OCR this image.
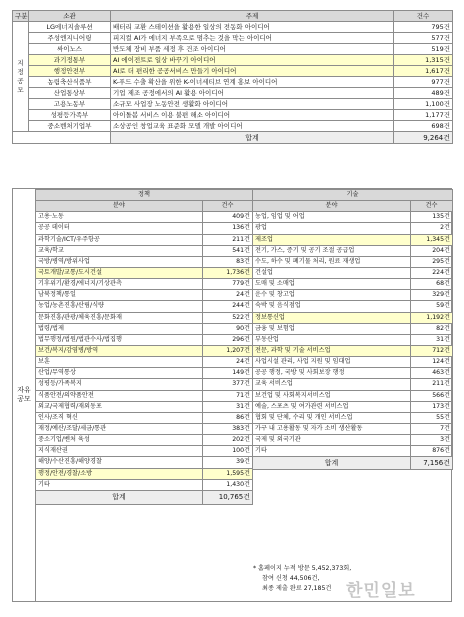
구분	소관	주제	건수
지정
공모	LG에너지솔루션	배터리 교환 스테이션을 활용한 일상의 전동화 아이디어	795건
	주성엔지니어링	피지컬 AI가 에너지 부족으로 멈추는 것을 막는 아이디어	577건
	싸이노스	반도체 장비 부품 세정 후 건조 아이디어	519건
	과기정통부	AI 에이전트로 일상 바꾸기 아이디어	1,315건
	행정안전부	AI로 더 편리한 공공서비스 만들기 아이디어	1,617건
	농림축산식품부	K-푸드 수출 확산을 위한 K-이너세티브 연계 홍보 아이디어	977건
	산업통상부	기업 제조 공정에서의 AI 활용 아이디어	489건
	고용노동부	소규모 사업장 노동안전 생활화 아이디어	1,100건
	성평등가족부	아이돌봄 서비스 이용 불편 해소 아이디어	1,177건
	중소벤처기업부	소상공인 창업교육 표준화 모델 개발 아이디어	698건
		합계	9,264건
자유
공모
정책	
분야	건수
고용·노동	409건
공공 데이터	136건
과학기술/ICT/우주항공	211건
교육/학교	541건
국방/병역/방위사업	83건
국토개발/교통/도시건설	1,736건
기후위기/환경/에너지/기상관측	779건
남북정책/통일	24건
농업/농촌진흥/산림/식량	244건
문화진흥/관광/체육진흥/문화재	522건
법령/법제	90건
법무행정/법원/법관수사/법집행	296건
보건/복지/감염병/방역	1,207건
보훈	24건
산업/무역통상	149건
성평등/가족복지	377건
식품안전/의약품안전	71건
외교/국제협력/재외동포	31건
인사/조직 혁신	86건
재정/예산/조달/세금/통관	383건
중소기업/벤처 육성	202건
지식재산권	100건
해양/수산진흥/해양경찰	39건
행정/안전/경찰/소방	1,595건
기타	1,430건
합계	10,765건
기술	
분야	건수
농업, 임업 및 어업	135건
광업	2건
제조업	1,345건
전기, 가스, 증기 및 공기 조절 공급업	204건
수도, 하수 및 폐기물 처리, 원료 재생업	295건
건설업	224건
도매 및 소매업	68건
운수 및 창고업	329건
숙박 및 음식점업	59건
정보통신업	1,192건
금융 및 보험업	82건
부동산업	31건
전문, 과학 및 기술 서비스업	712건
사업시설 관리, 사업 지원 및 임대업	124건
공공 행정, 국방 및 사회보장 행정	463건
교육 서비스업	211건
보건업 및 사회복지서비스업	566건
예술, 스포츠 및 여가관련 서비스업	173건
협회 및 단체, 수리 및 개인 서비스업	55건
가구 내 고용활동 및 자가 소비 생산활동	7건
국제 및 외국기관	3건
기타	876건
합계	7,156건
* 홈페이지 누적 방문 5,452,373회,
참여 신청 44,506건,
최종 제출 완료 27,185건 한민일보
